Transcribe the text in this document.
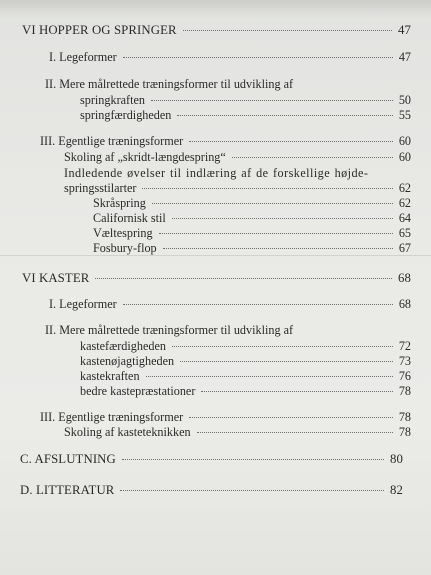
VI HOPPER OG SPRINGER	47
I. Legeformer	47
II. Mere målrettede træningsformer til udvikling af
springkraften	50
springfærdigheden	55
III. Egentlige træningsformer	60
Skoling af „skridt-længdespring“	60
Indledende øvelser til indlæring af de forskellige højde-
springsstilarter	62
Skråspring	62
Californisk stil	64
Væltespring	65
Fosbury-flop	67
VI KASTER	68
I. Legeformer	68
II. Mere målrettede træningsformer til udvikling af
kastefærdigheden	72
kastenøjagtigheden	73
kastekraften	76
bedre kastepræstationer	78
III. Egentlige træningsformer	78
Skoling af kasteteknikken	78
C. AFSLUTNING	80
D. LITTERATUR	82
